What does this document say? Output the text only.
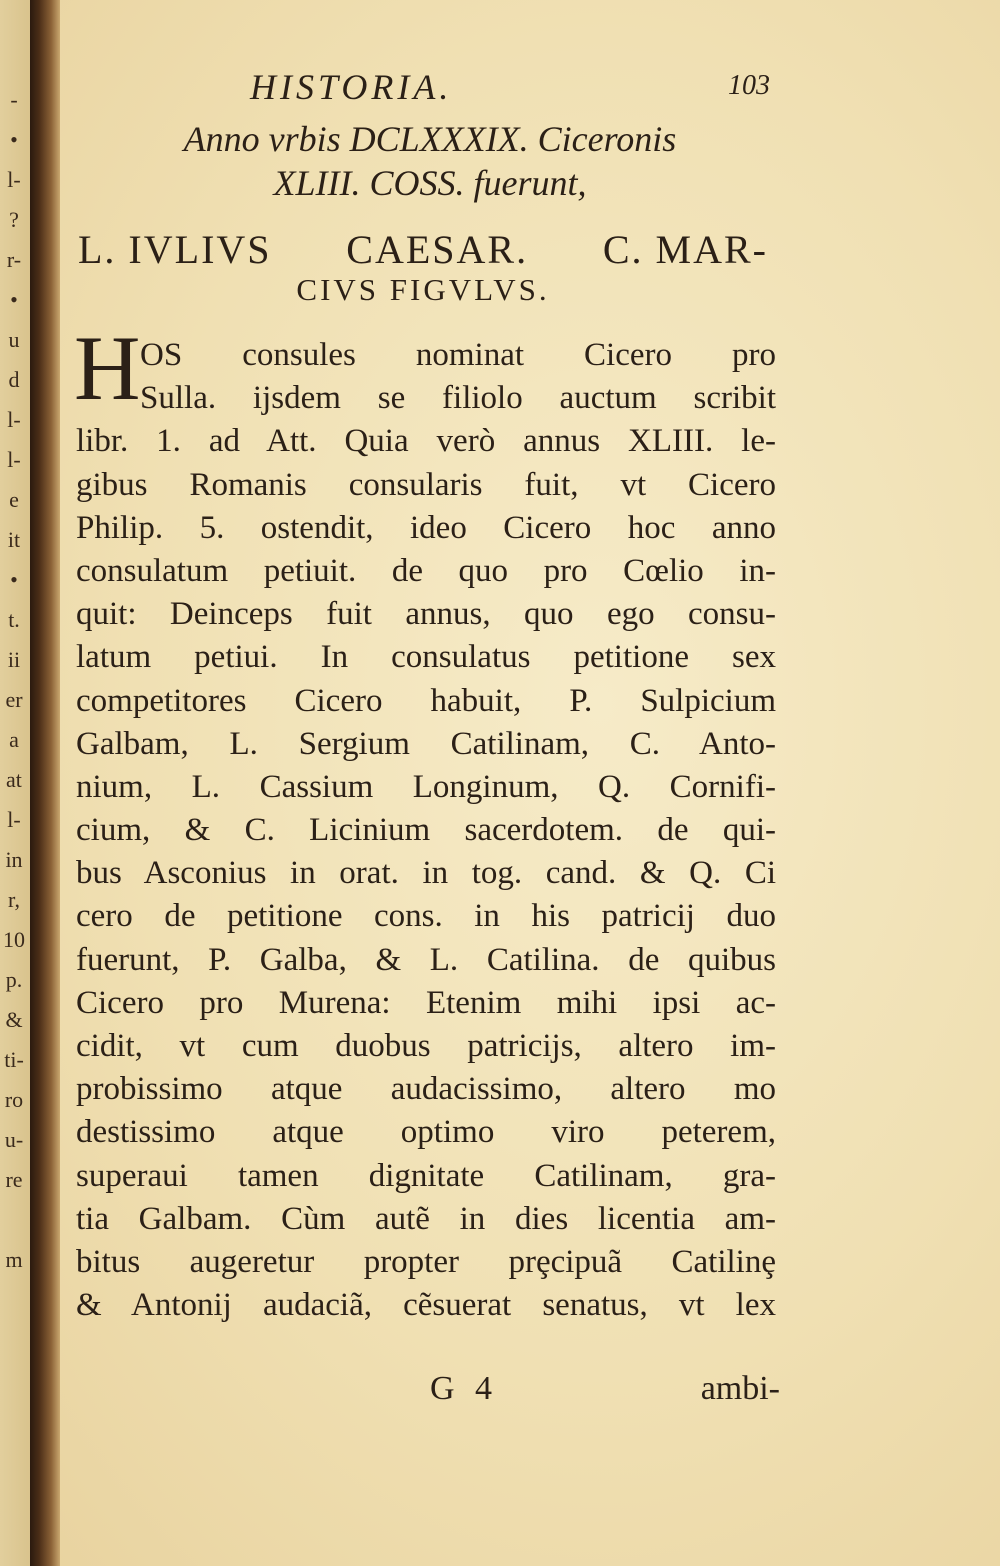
-
•
l-
?
r-
•
u
d
l-
l-
e
it
•
t.
ii
er
a
at
l-
in
r,
10
p.
&
ti-
ro
u-
re
m
HISTORIA.	103
Anno vrbis DCLXXXIX. Ciceronis
XLIII. COSS. fuerunt,
L. IVLIVS CAESAR. C. MAR-
CIVS FIGVLVS.
H OS consules nominat Cicero pro
Sulla. ijsdem se filiolo auctum scribit
libr. 1. ad Att. Quia verò annus XLIII. le-
gibus Romanis consularis fuit, vt Cicero
Philip. 5. ostendit, ideo Cicero hoc anno
consulatum petiuit. de quo pro Cœlio in-
quit: Deinceps fuit annus, quo ego consu-
latum petiui. In consulatus petitione sex
competitores Cicero habuit, P. Sulpicium
Galbam, L. Sergium Catilinam, C. Anto-
nium, L. Cassium Longinum, Q. Cornifi-
cium, & C. Licinium sacerdotem. de qui-
bus Asconius in orat. in tog. cand. & Q. Ci
cero de petitione cons. in his patricij duo
fuerunt, P. Galba, & L. Catilina. de quibus
Cicero pro Murena: Etenim mihi ipsi ac-
cidit, vt cum duobus patricijs, altero im-
probissimo atque audacissimo, altero mo
destissimo atque optimo viro peterem,
superaui tamen dignitate Catilinam, gra-
tia Galbam. Cùm autẽ in dies licentia am-
bitus augeretur propter prȩcipuã Catilinȩ
& Antonij audaciã, cẽsuerat senatus, vt lex
G 4	ambi-
